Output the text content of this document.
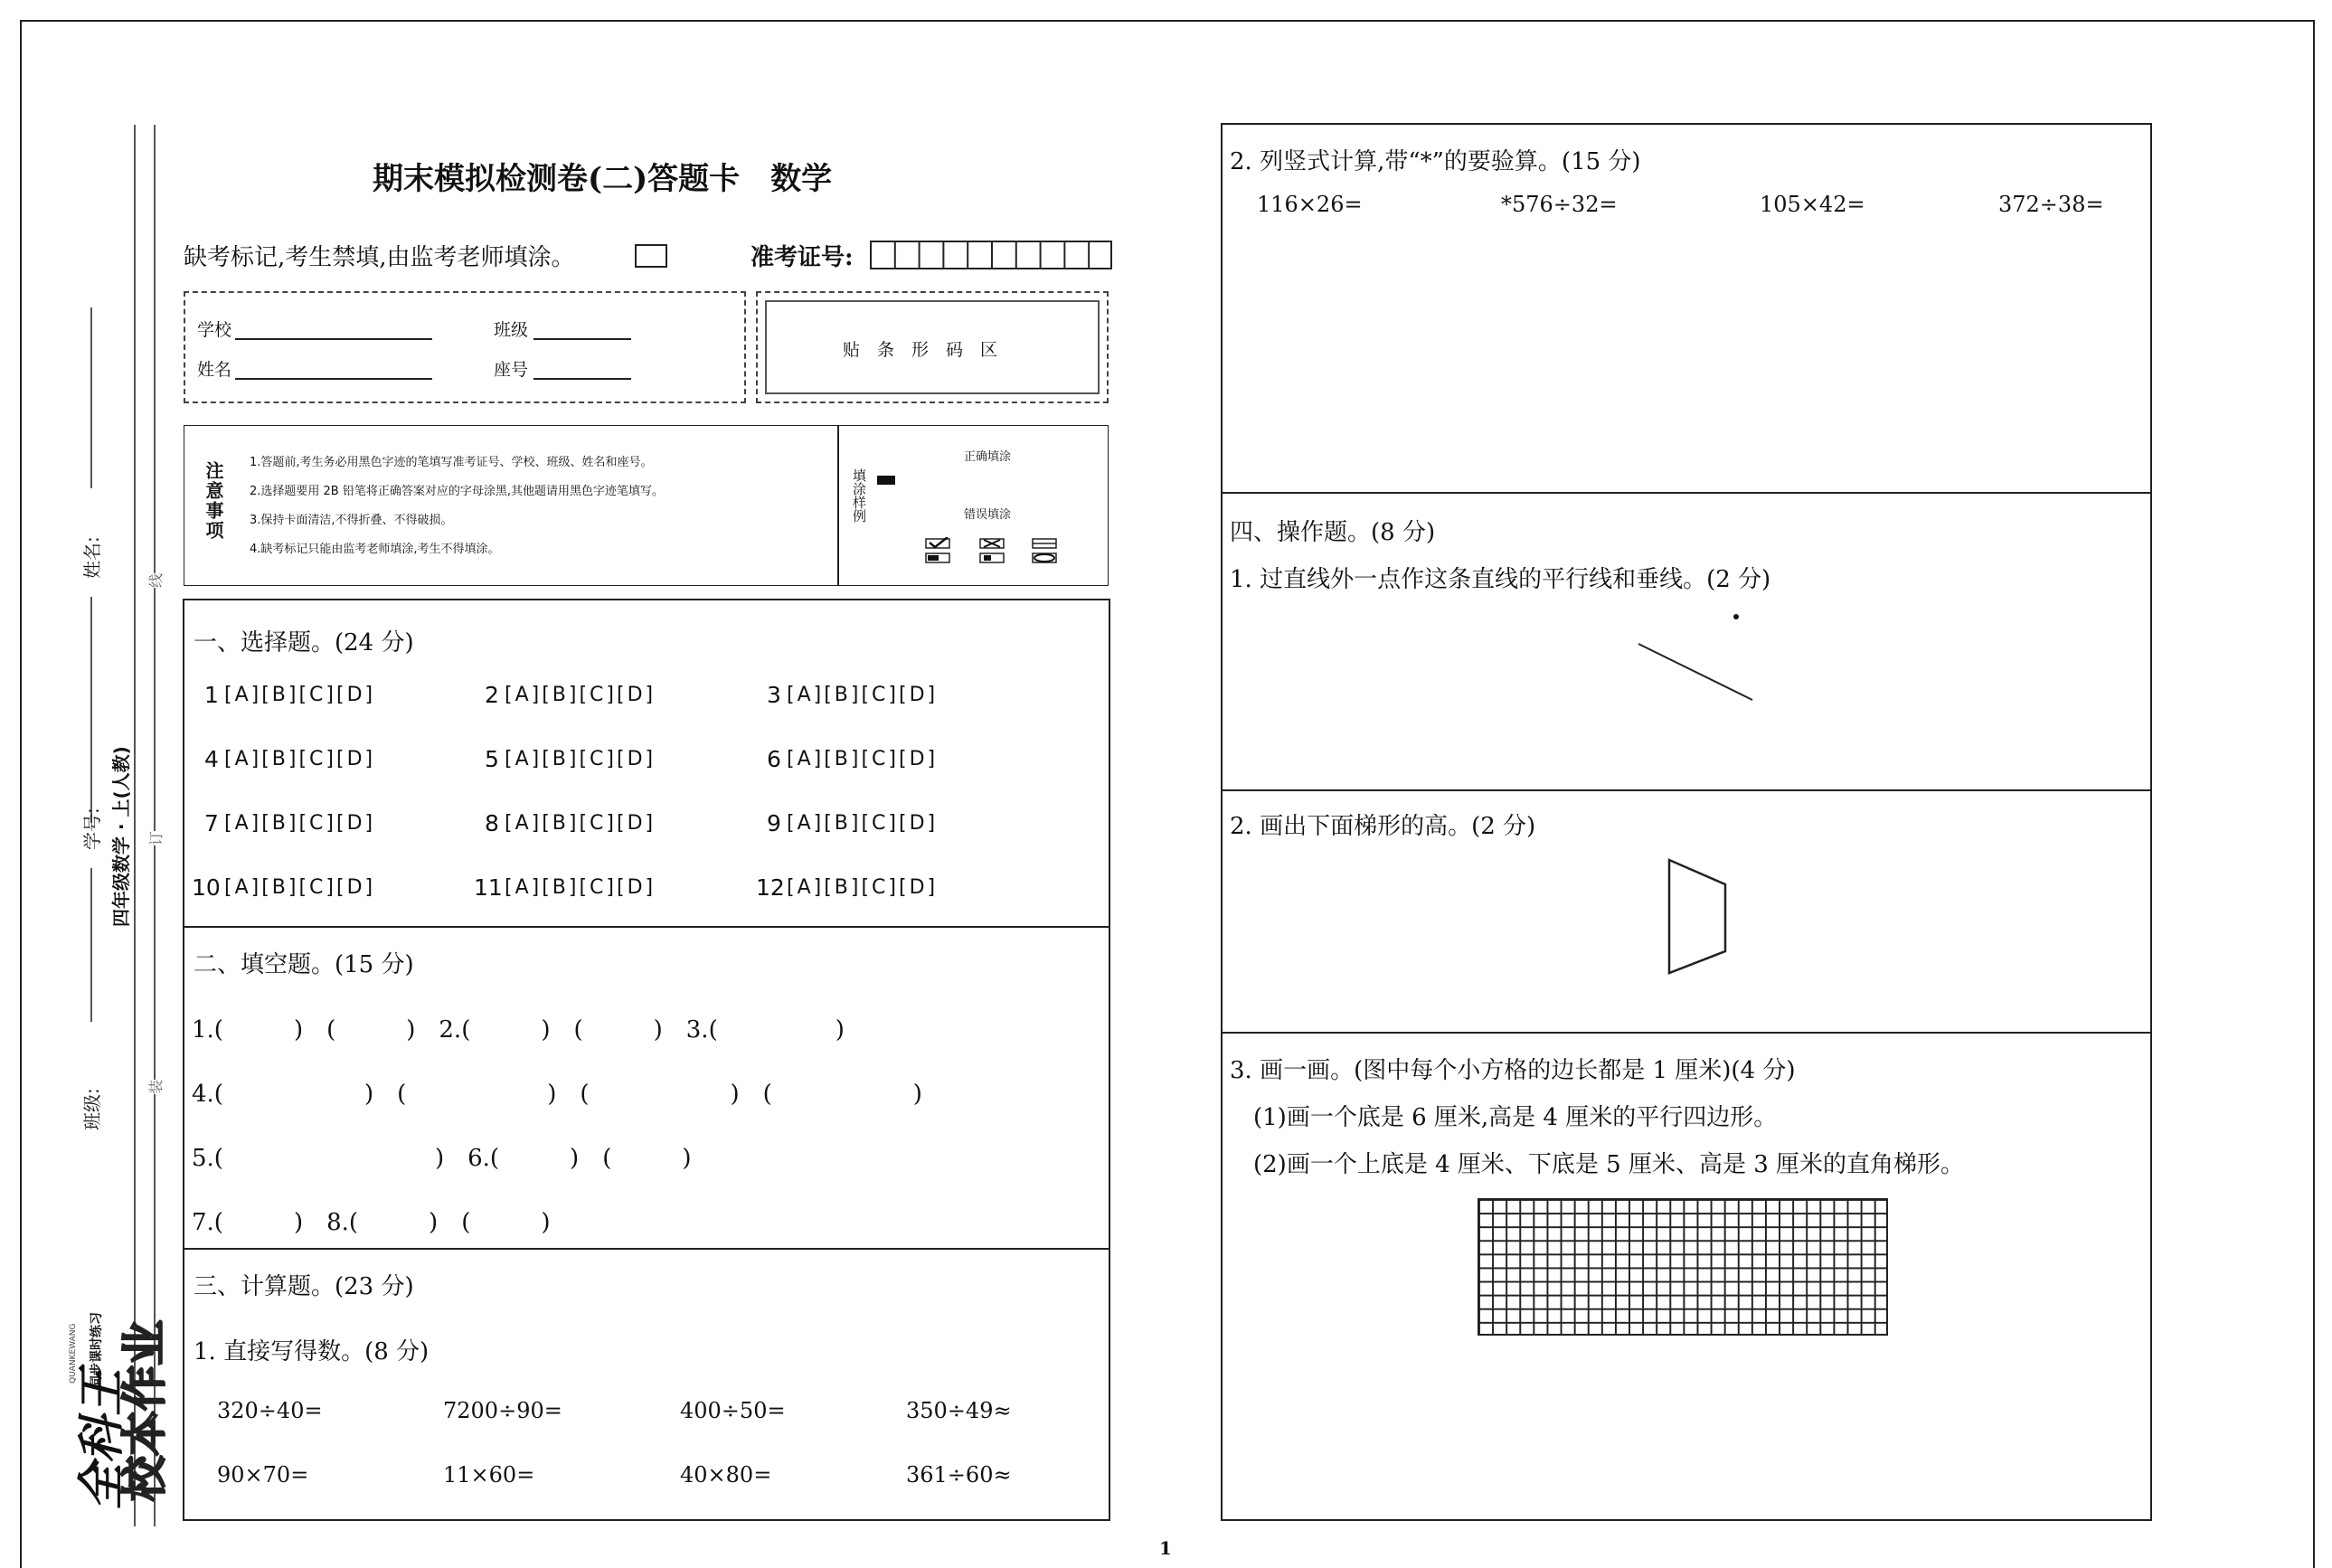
姓名:
学号:
班级:
四年级数学 · 上(人教)
线
订
装
全科王
QUANKEWANG 同步课时练习 校本作业
期末模拟检测卷(二)答题卡　数学
缺考标记,考生禁填,由监考老师填涂。	准考证号:
学校	班级
姓名	座号
贴　条　形　码　区
注意事项 1.答题前,考生务必用黑色字迹的笔填写准考证号、学校、班级、姓名和座号。
2.选择题要用 2B 铅笔将正确答案对应的字母涂黑,其他题请用黑色字迹笔填写。
3.保持卡面清洁,不得折叠、不得破损。
4.缺考标记只能由监考老师填涂,考生不得填涂。
填涂样例
正确填涂
错误填涂
一、选择题。(24 分)
1 [A][B][C][D]	2 [A][B][C][D]	3 [A][B][C][D]
4 [A][B][C][D]	5 [A][B][C][D]	6 [A][B][C][D]
7 [A][B][C][D]	8 [A][B][C][D]	9 [A][B][C][D]
10 [A][B][C][D]	11 [A][B][C][D]	12 [A][B][C][D]
二、填空题。(15 分)
1.(　　　)　(　　　)　2.(　　　)　(　　　)　3.(　　　　　)
4.(　　　　　　)　(　　　　　　)　(　　　　　　)　(　　　　　　)
5.(　　　　　　　　　)　6.(　　　)　(　　　)
7.(　　　)　8.(　　　)　(　　　)
三、计算题。(23 分)
1. 直接写得数。(8 分)
320÷40=	7200÷90=	400÷50=	350÷49≈
90×70=	11×60=	40×80=	361÷60≈
1
2. 列竖式计算,带“*”的要验算。(15 分)
116×26=	*576÷32=	105×42=	372÷38=
四、操作题。(8 分)
1. 过直线外一点作这条直线的平行线和垂线。(2 分)
2. 画出下面梯形的高。(2 分)
3. 画一画。(图中每个小方格的边长都是 1 厘米)(4 分)
(1)画一个底是 6 厘米,高是 4 厘米的平行四边形。
(2)画一个上底是 4 厘米、下底是 5 厘米、高是 3 厘米的直角梯形。
